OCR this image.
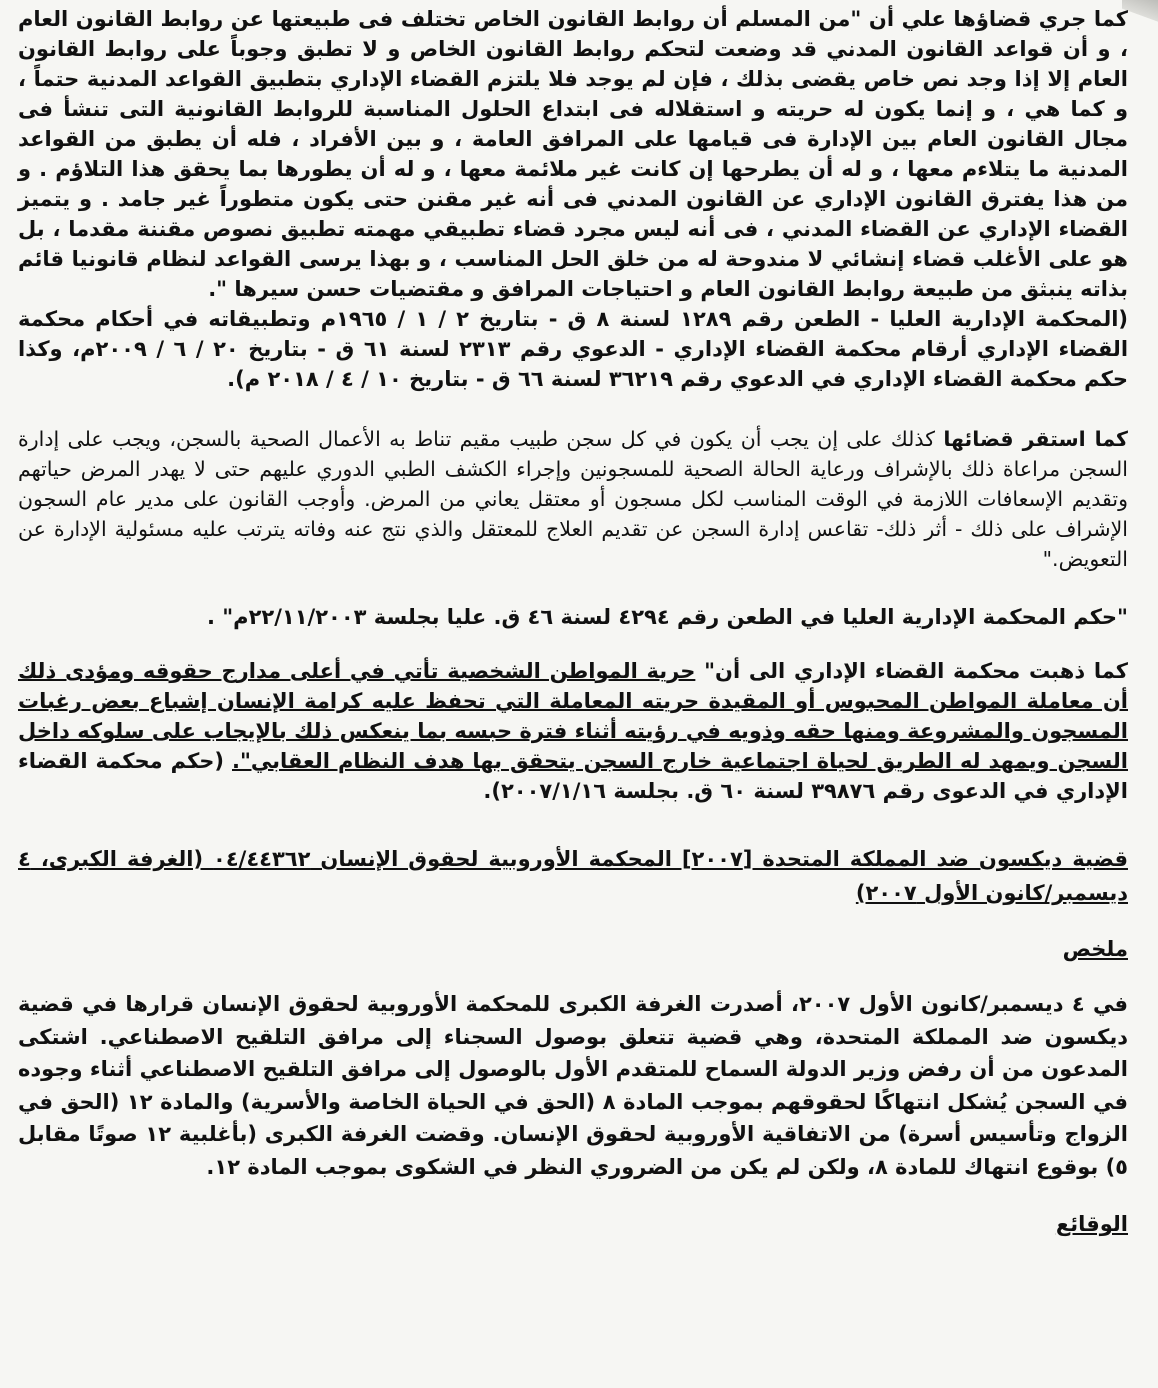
كما جري قضاؤها علي أن "من المسلم أن روابط القانون الخاص تختلف فى طبيعتها عن روابط القانون العام ، و أن قواعد القانون المدني قد وضعت لتحكم روابط القانون الخاص و لا تطبق وجوباً على روابط القانون العام إلا إذا وجد نص خاص يقضى بذلك ، فإن لم يوجد فلا يلتزم القضاء الإداري بتطبيق القواعد المدنية حتماً ، و كما هي ، و إنما يكون له حريته و استقلاله فى ابتداع الحلول المناسبة للروابط القانونية التى تنشأ فى مجال القانون العام بين الإدارة فى قيامها على المرافق العامة ، و بين الأفراد ، فله أن يطبق من القواعد المدنية ما يتلاءم معها ، و له أن يطرحها إن كانت غير ملائمة معها ، و له أن يطورها بما يحقق هذا التلاؤم . و من هذا يفترق القانون الإداري عن القانون المدني فى أنه غير مقنن حتى يكون متطوراً غير جامد . و يتميز القضاء الإداري عن القضاء المدني ، فى أنه ليس مجرد قضاء تطبيقي مهمته تطبيق نصوص مقننة مقدما ، بل هو على الأغلب قضاء إنشائي لا مندوحة له من خلق الحل المناسب ، و بهذا يرسى القواعد لنظام قانونيا قائم بذاته ينبثق من طبيعة روابط القانون العام و احتياجات المرافق و مقتضيات حسن سيرها ".

(المحكمة الإدارية العليا - الطعن رقم ١٢٨٩ لسنة ٨ ق - بتاريخ ٢ / ١ / ١٩٦٥م وتطبيقاته في أحكام محكمة القضاء الإداري أرقام محكمة القضاء الإداري - الدعوي رقم ٢٣١٣ لسنة ٦١ ق - بتاريخ ٢٠ / ٦ / ٢٠٠٩م، وكذا حكم محكمة القضاء الإداري في الدعوي رقم ٣٦٢١٩ لسنة ٦٦ ق - بتاريخ ١٠ / ٤ / ٢٠١٨ م).

كما استقر قضائها كذلك على إن يجب أن يكون في كل سجن طبيب مقيم تناط به الأعمال الصحية بالسجن، ويجب على إدارة السجن مراعاة ذلك بالإشراف ورعاية الحالة الصحية للمسجونين وإجراء الكشف الطبي الدوري عليهم حتى لا يهدر المرض حياتهم وتقديم الإسعافات اللازمة في الوقت المناسب لكل مسجون أو معتقل يعاني من المرض. وأوجب القانون على مدير عام السجون الإشراف على ذلك - أثر ذلك- تقاعس إدارة السجن عن تقديم العلاج للمعتقل والذي نتج عنه وفاته يترتب عليه مسئولية الإدارة عن التعويض."

"حكم المحكمة الإدارية العليا في الطعن رقم ٤٢٩٤ لسنة ٤٦ ق. عليا بجلسة ٢٢/١١/٢٠٠٣م" .

كما ذهبت محكمة القضاء الإداري الى أن" حرية المواطن الشخصية تأتي في أعلى مدارج حقوقه ومؤدى ذلك أن معاملة المواطن المحبوس أو المقيدة حريته المعاملة التي تحفظ عليه كرامة الإنسان إشباع بعض رغبات المسجون والمشروعة ومنها حقه وذويه في رؤيته أثناء فترة حبسه بما ينعكس ذلك بالإيجاب على سلوكه داخل السجن ويمهد له الطريق لحياة اجتماعية خارج السجن يتحقق بها هدف النظام العقابي". (حكم محكمة القضاء الإداري في الدعوى رقم ٣٩٨٧٦ لسنة ٦٠ ق. بجلسة ٢٠٠٧/١/١٦).

قضية ديكسون ضد المملكة المتحدة [٢٠٠٧] المحكمة الأوروبية لحقوق الإنسان ٠٤/٤٤٣٦٢ (الغرفة الكبرى، ٤ ديسمبر/كانون الأول ٢٠٠٧)

ملخص

في ٤ ديسمبر/كانون الأول ٢٠٠٧، أصدرت الغرفة الكبرى للمحكمة الأوروبية لحقوق الإنسان قرارها في قضية ديكسون ضد المملكة المتحدة، وهي قضية تتعلق بوصول السجناء إلى مرافق التلقيح الاصطناعي. اشتكى المدعون من أن رفض وزير الدولة السماح للمتقدم الأول بالوصول إلى مرافق التلقيح الاصطناعي أثناء وجوده في السجن يُشكل انتهاكًا لحقوقهم بموجب المادة ٨ (الحق في الحياة الخاصة والأسرية) والمادة ١٢ (الحق في الزواج وتأسيس أسرة) من الاتفاقية الأوروبية لحقوق الإنسان. وقضت الغرفة الكبرى (بأغلبية ١٢ صوتًا مقابل ٥) بوقوع انتهاك للمادة ٨، ولكن لم يكن من الضروري النظر في الشكوى بموجب المادة ١٢.

الوقائع
